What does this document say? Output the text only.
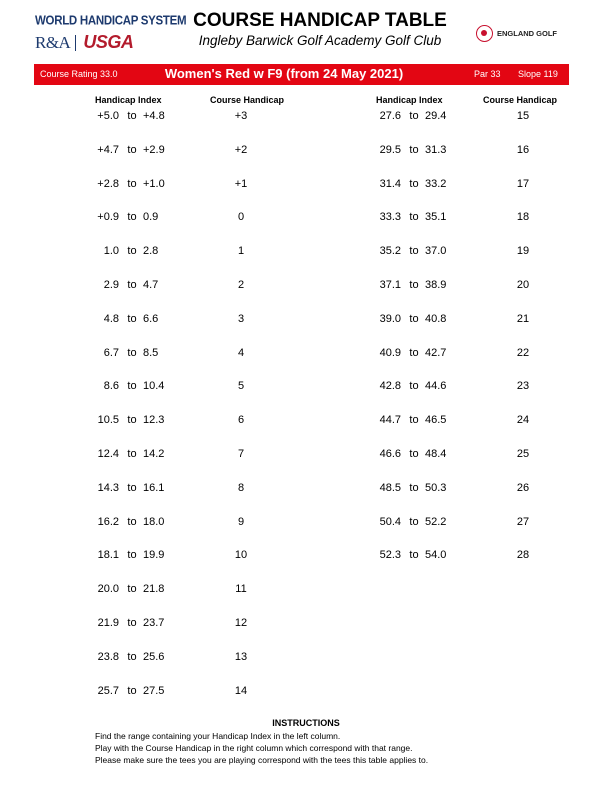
WORLD HANDICAP SYSTEM
R&A USGA
COURSE HANDICAP TABLE
Ingleby Barwick Golf Academy Golf Club	ENGLAND GOLF
Course Rating 33.0	Women's Red w F9 (from 24 May 2021)	Par 33 Slope 119
Handicap Index	Course Handicap	Handicap Index	Course Handicap
+5.0 to +4.8	+3
+4.7 to +2.9	+2
+2.8 to +1.0	+1
+0.9 to 0.9	0
1.0 to 2.8	1
2.9 to 4.7	2
4.8 to 6.6	3
6.7 to 8.5	4
8.6 to 10.4	5
10.5 to 12.3	6
12.4 to 14.2	7
14.3 to 16.1	8
16.2 to 18.0	9
18.1 to 19.9	10
20.0 to 21.8	11
21.9 to 23.7	12
23.8 to 25.6	13
25.7 to 27.5	14
27.6 to 29.4	15
29.5 to 31.3	16
31.4 to 33.2	17
33.3 to 35.1	18
35.2 to 37.0	19
37.1 to 38.9	20
39.0 to 40.8	21
40.9 to 42.7	22
42.8 to 44.6	23
44.7 to 46.5	24
46.6 to 48.4	25
48.5 to 50.3	26
50.4 to 52.2	27
52.3 to 54.0	28
INSTRUCTIONS
Find the range containing your Handicap Index in the left column.
Play with the Course Handicap in the right column which correspond with that range.
Please make sure the tees you are playing correspond with the tees this table applies to.
